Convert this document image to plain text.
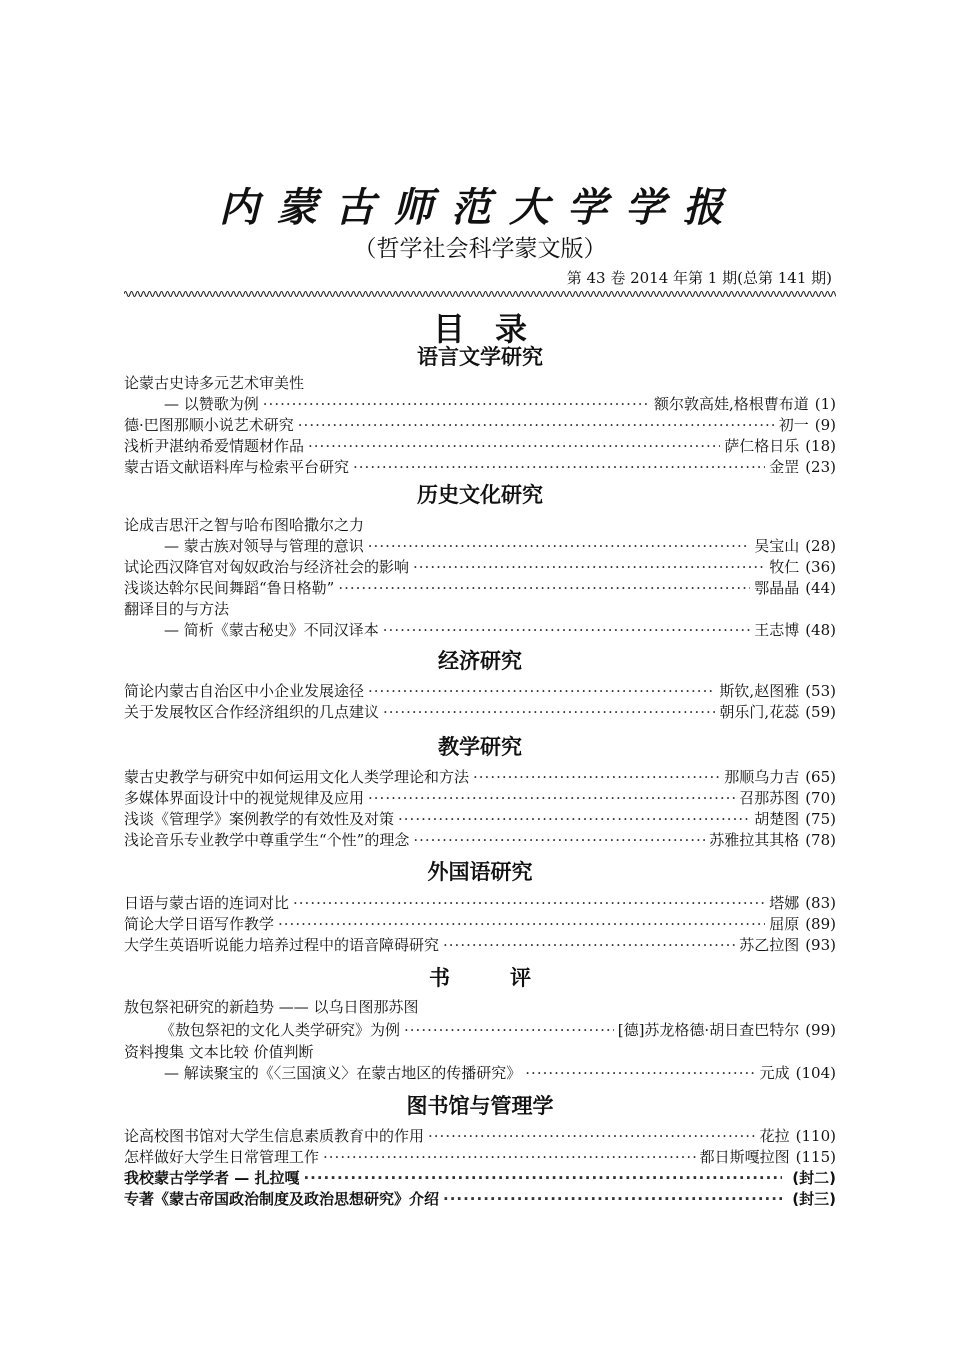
内蒙古师范大学学报
（哲学社会科学蒙文版）
第 43 卷 2014 年第 1 期(总第 141 期)
目录
语言文学研究
论蒙古史诗多元艺术审美性
— 以赞歌为例 ·····	额尔敦高娃,格根曹布道 (1)
德·巴图那顺小说艺术研究 ·····	初一 (9)
浅析尹湛纳希爱情题材作品 ·····	萨仁格日乐 (18)
蒙古语文献语料库与检索平台研究 ·····	金罡 (23)
历史文化研究
论成吉思汗之智与哈布图哈撒尔之力
— 蒙古族对领导与管理的意识 ·····	吴宝山 (28)
试论西汉降官对匈奴政治与经济社会的影响 ·····	牧仁 (36)
浅谈达斡尔民间舞蹈“鲁日格勒” ·····	鄂晶晶 (44)
翻译目的与方法
— 简析《蒙古秘史》不同汉译本 ·····	王志博 (48)
经济研究
简论内蒙古自治区中小企业发展途径 ·····	斯钦,赵图雅 (53)
关于发展牧区合作经济组织的几点建议 ·····	朝乐门,花蕊 (59)
教学研究
蒙古史教学与研究中如何运用文化人类学理论和方法 ·····	那顺乌力吉 (65)
多媒体界面设计中的视觉规律及应用 ·····	召那苏图 (70)
浅谈《管理学》案例教学的有效性及对策 ·····	胡楚图 (75)
浅论音乐专业教学中尊重学生“个性”的理念 ·····	苏雅拉其其格 (78)
外国语研究
日语与蒙古语的连词对比 ·····	塔娜 (83)
简论大学日语写作教学 ·····	屈原 (89)
大学生英语听说能力培养过程中的语音障碍研究 ·····	苏乙拉图 (93)
书评
敖包祭祀研究的新趋势 —— 以乌日图那苏图
《敖包祭祀的文化人类学研究》为例 ·····	[德]苏龙格德·胡日查巴特尔 (99)
资料搜集 文本比较 价值判断
— 解读聚宝的《〈三国演义〉在蒙古地区的传播研究》 ·····	元成 (104)
图书馆与管理学
论高校图书馆对大学生信息素质教育中的作用 ·····	花拉 (110)
怎样做好大学生日常管理工作 ·····	都日斯嘎拉图 (115)
我校蒙古学学者 — 扎拉嘎 ·····	(封二)
专著《蒙古帝国政治制度及政治思想研究》介绍 ·····	(封三)
